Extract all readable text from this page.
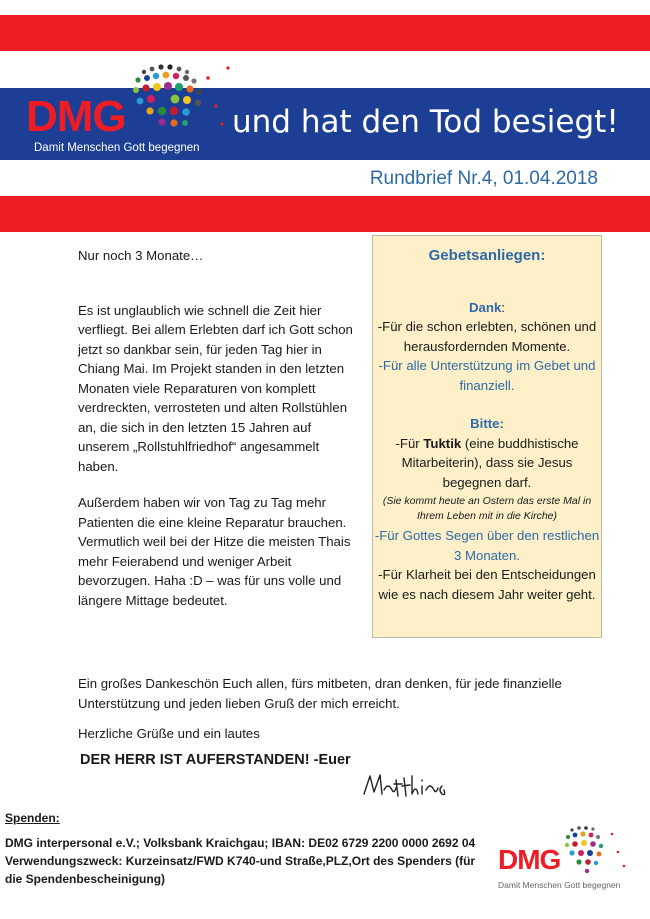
DMG
Damit Menschen Gott begegnen
und hat den Tod besiegt!
Rundbrief Nr.4, 01.04.2018

Nur noch 3 Monate…

Es ist unglaublich wie schnell die Zeit hier verfliegt. Bei allem Erlebten darf ich Gott schon jetzt so dankbar sein, für jeden Tag hier in Chiang Mai. Im Projekt standen in den letzten Monaten viele Reparaturen von komplett verdreckten, verrosteten und alten Rollstühlen an, die sich in den letzten 15 Jahren auf unserem „Rollstuhlfriedhof“ angesammelt haben.

Außerdem haben wir von Tag zu Tag mehr Patienten die eine kleine Reparatur brauchen. Vermutlich weil bei der Hitze die meisten Thais mehr Feierabend und weniger Arbeit bevorzugen. Haha :D – was für uns volle und längere Mittage bedeutet.

Gebetsanliegen:
Dank:
-Für die schon erlebten, schönen und herausfordernden Momente.
-Für alle Unterstützung im Gebet und finanziell.
Bitte:
-Für Tuktik (eine buddhistische Mitarbeiterin), dass sie Jesus begegnen darf.
(Sie kommt heute an Ostern das erste Mal in Ihrem Leben mit in die Kirche)
-Für Gottes Segen über den restlichen 3 Monaten.
-Für Klarheit bei den Entscheidungen wie es nach diesem Jahr weiter geht.

Ein großes Dankeschön Euch allen, fürs mitbeten, dran denken, für jede finanzielle Unterstützung und jeden lieben Gruß der mich erreicht.

Herzliche Grüße und ein lautes

DER HERR IST AUFERSTANDEN! -Euer
Spenden:
DMG interpersonal e.V.; Volksbank Kraichgau; IBAN: DE02 6729 2200 0000 2692 04
Verwendungszweck: Kurzeinsatz/FWD K740-und Straße,PLZ,Ort des Spenders (für die Spendenbescheinigung)
DMG
Damit Menschen Gott begegnen
